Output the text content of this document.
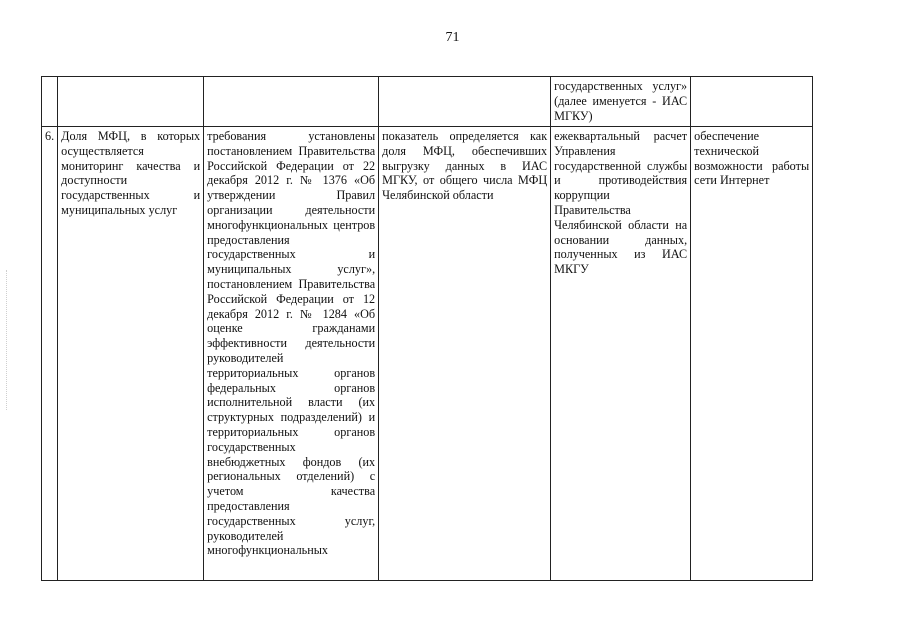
71
				государственных услуг» (далее именуется - ИАС МГКУ)	
6.	Доля МФЦ, в которых осуществляется мониторинг качества и доступности государственных и муниципальных услуг	требования установлены постановлением Правительства Российской Федерации от 22 декабря 2012 г. № 1376 «Об утверждении Правил организации деятельности многофункциональных центров предоставления государственных и муниципальных услуг», постановлением Правительства Российской Федерации от 12 декабря 2012 г. № 1284 «Об оценке гражданами эффективности деятельности руководителей территориальных органов федеральных органов исполнительной власти (их структурных подразделений) и территориальных органов государственных внебюджетных фондов (их региональных отделений) с учетом качества предоставления государственных услуг, руководителей многофункциональных	показатель определяется как доля МФЦ, обеспечивших выгрузку данных в ИАС МГКУ, от общего числа МФЦ Челябинской области	ежеквартальный расчет Управления государственной службы и противодействия коррупции Правительства Челябинской области на основании данных, полученных из ИАС МКГУ	обеспечение технической возможности работы сети Интернет
